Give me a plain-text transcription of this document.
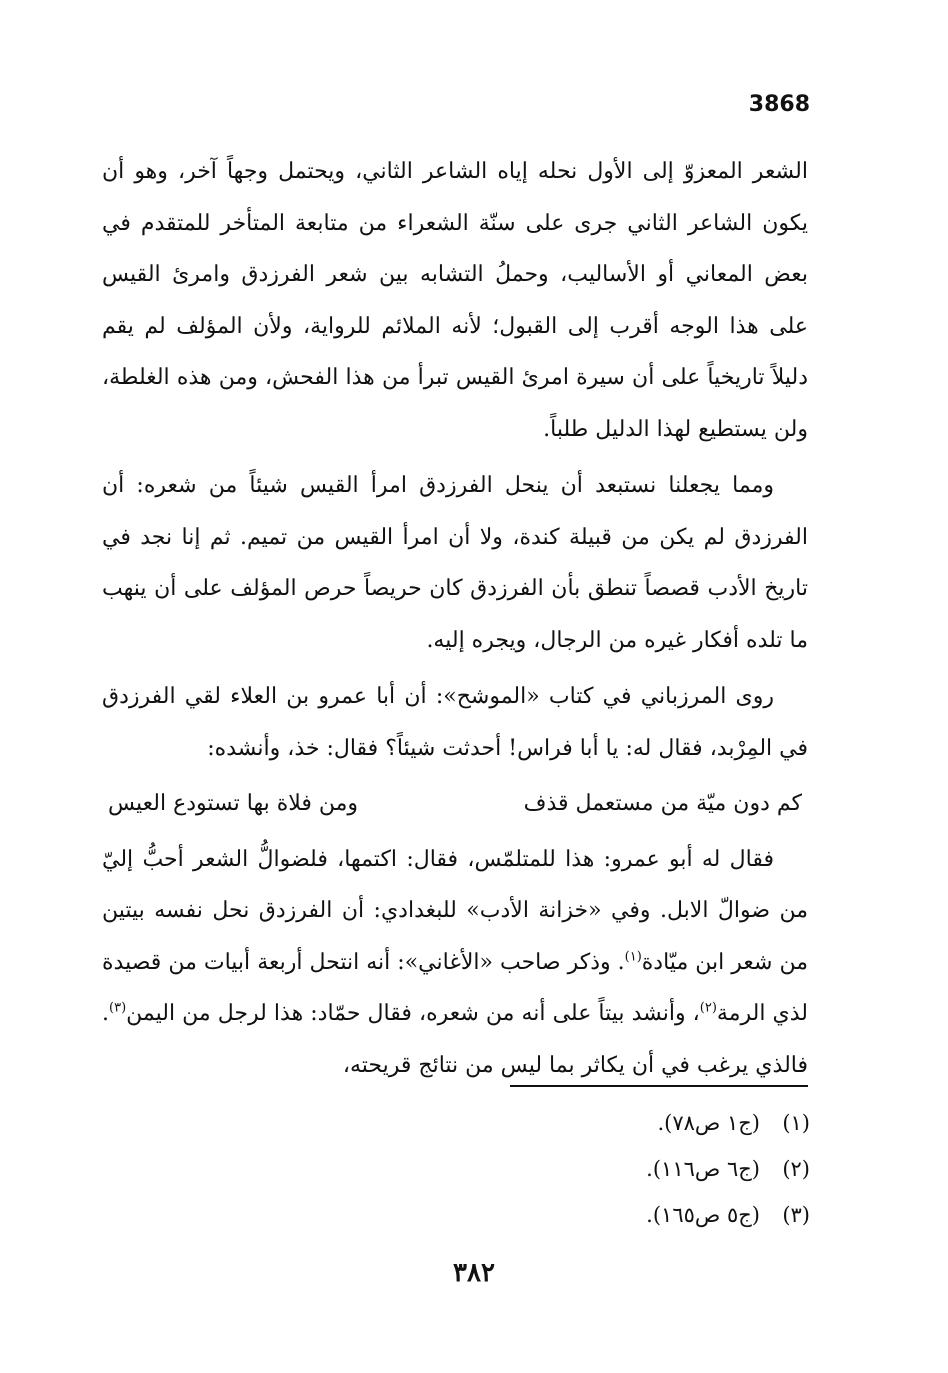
3868

الشعر المعزوّ إلى الأول نحله إياه الشاعر الثاني، ويحتمل وجهاً آخر، وهو أن يكون الشاعر الثاني جرى على سنّة الشعراء من متابعة المتأخر للمتقدم في بعض المعاني أو الأساليب، وحملُ التشابه بين شعر الفرزدق وامرئ القيس على هذا الوجه أقرب إلى القبول؛ لأنه الملائم للرواية، ولأن المؤلف لم يقم دليلاً تاريخياً على أن سيرة امرئ القيس تبرأ من هذا الفحش، ومن هذه الغلطة، ولن يستطيع لهذا الدليل طلباً.

ومما يجعلنا نستبعد أن ينحل الفرزدق امرأ القيس شيئاً من شعره: أن الفرزدق لم يكن من قبيلة كندة، ولا أن امرأ القيس من تميم. ثم إنا نجد في تاريخ الأدب قصصاً تنطق بأن الفرزدق كان حريصاً حرص المؤلف على أن ينهب ما تلده أفكار غيره من الرجال، ويجره إليه.

روى المرزباني في كتاب «الموشح»: أن أبا عمرو بن العلاء لقي الفرزدق في المِرْبد، فقال له: يا أبا فراس! أحدثت شيئاً؟ فقال: خذ، وأنشده:

كم دون ميّة من مستعمل قذف
ومن فلاة بها تستودع العيس

فقال له أبو عمرو: هذا للمتلمّس، فقال: اكتمها، فلضوالُّ الشعر أحبُّ إليّ من ضوالّ الابل. وفي «خزانة الأدب» للبغدادي: أن الفرزدق نحل نفسه بيتين من شعر ابن ميّادة$^{(١)}$. وذكر صاحب «الأغاني»: أنه انتحل أربعة أبيات من قصيدة لذي الرمة$^{(٢)}$، وأنشد بيتاً على أنه من شعره، فقال حمّاد: هذا لرجل من اليمن$^{(٣)}$. فالذي يرغب في أن يكاثر بما ليس من نتائج قريحته،

(١)
(ج١ ص٧٨).
(٢)
(ج٦ ص١١٦).
(٣)
(ج٥ ص١٦٥).
٣٨٢
